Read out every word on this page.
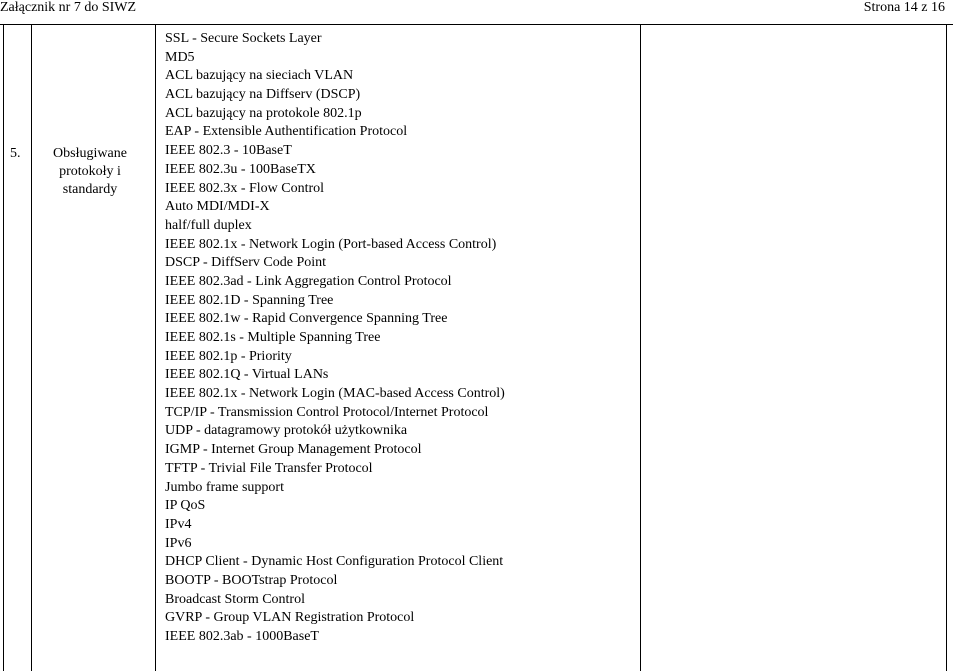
Załącznik nr 7 do SIWZ	Strona 14 z 16
5.	Obsługiwane protokoły i standardy
SSL - Secure Sockets Layer
MD5
ACL bazujący na sieciach VLAN
ACL bazujący na Diffserv (DSCP)
ACL bazujący na protokole 802.1p
EAP - Extensible Authentification Protocol
IEEE 802.3 - 10BaseT
IEEE 802.3u - 100BaseTX
IEEE 802.3x - Flow Control
Auto MDI/MDI-X
half/full duplex
IEEE 802.1x - Network Login (Port-based Access Control)
DSCP - DiffServ Code Point
IEEE 802.3ad - Link Aggregation Control Protocol
IEEE 802.1D - Spanning Tree
IEEE 802.1w - Rapid Convergence Spanning Tree
IEEE 802.1s - Multiple Spanning Tree
IEEE 802.1p - Priority
IEEE 802.1Q - Virtual LANs
IEEE 802.1x - Network Login (MAC-based Access Control)
TCP/IP - Transmission Control Protocol/Internet Protocol
UDP - datagramowy protokół użytkownika
IGMP - Internet Group Management Protocol
TFTP - Trivial File Transfer Protocol
Jumbo frame support
IP QoS
IPv4
IPv6
DHCP Client - Dynamic Host Configuration Protocol Client
BOOTP - BOOTstrap Protocol
Broadcast Storm Control
GVRP - Group VLAN Registration Protocol
IEEE 802.3ab - 1000BaseT
